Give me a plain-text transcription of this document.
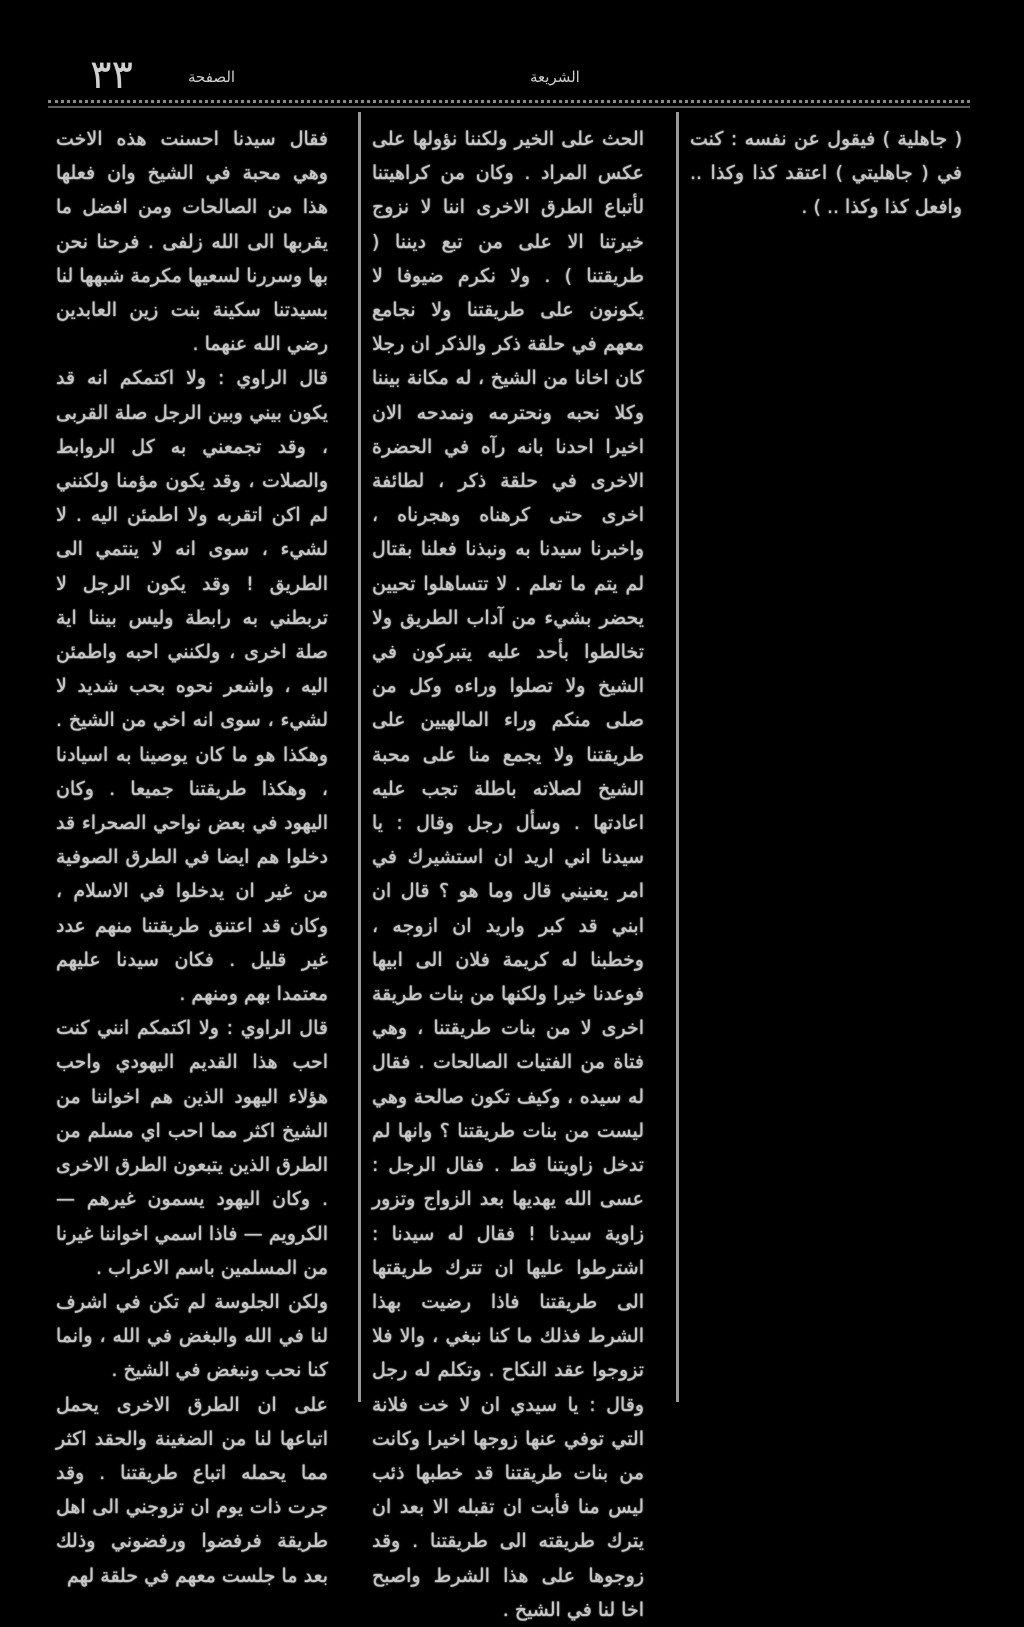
٣٣	الصفحة	الشريعة

( جاهلية ) فيقول عن نفسه : كنت في ( جاهليتي ) اعتقد كذا وكذا .. وافعل كذا وكذا .. ) .

الحث على الخير ولكننا نؤولها على عكس المراد . وكان من كراهيتنا لأتباع الطرق الاخرى اننا لا نزوج خيرتنا الا على من تبع ديننا ( طريقتنا ) . ولا نكرم ضيوفا لا يكونون على طريقتنا ولا نجامع معهم في حلقة ذكر والذكر ان رجلا كان اخانا من الشيخ ، له مكانة بيننا وكلا نحبه ونحترمه ونمدحه الان اخيرا احدنا بانه رآه في الحضرة الاخرى في حلقة ذكر ، لطائفة اخرى حتى كرهناه وهجرناه ، واخبرنا سيدنا به ونبذنا فعلنا بقتال لم يتم ما تعلم . لا تتساهلوا تحيين يحضر بشيء من آداب الطريق ولا تخالطوا بأحد عليه يتبركون في الشيخ ولا تصلوا وراءه وكل من صلى منكم وراء المالهيين على طريقتنا ولا يجمع منا على محبة الشيخ لصلاته باطلة تجب عليه اعادتها . وسأل رجل وقال : يا سيدنا اني اريد ان استشيرك في امر يعنيني قال وما هو ؟ قال ان ابني قد كبر واريد ان ازوجه ، وخطبنا له كريمة فلان الى ابيها فوعدنا خيرا ولكنها من بنات طريقة اخرى لا من بنات طريقتنا ، وهي فتاة من الفتيات الصالحات . فقال له سيده ، وكيف تكون صالحة وهي ليست من بنات طريقتنا ؟ وانها لم تدخل زاويتنا قط . فقال الرجل : عسى الله يهديها بعد الزواج وتزور زاوية سيدنا ! فقال له سيدنا : اشترطوا عليها ان تترك طريقتها الى طريقتنا فاذا رضيت بهذا الشرط فذلك ما كنا نبغي ، والا فلا تزوجوا عقد النكاح . وتكلم له رجل وقال : يا سيدي ان لا خت فلانة التي توفي عنها زوجها اخيرا وكانت من بنات طريقتنا قد خطبها ذئب ليس منا فأبت ان تقبله الا بعد ان يترك طريقته الى طريقتنا . وقد زوجوها على هذا الشرط واصبح اخا لنا في الشيخ .

فقال سيدنا احسنت هذه الاخت وهي محبة في الشيخ وان فعلها هذا من الصالحات ومن افضل ما يقربها الى الله زلفى . فرحنا نحن بها وسررنا لسعيها مكرمة شبهها لنا بسيدتنا سكينة بنت زين العابدين رضي الله عنهما .

قال الراوي : ولا اكتمكم انه قد يكون بيني وبين الرجل صلة القربى ، وقد تجمعني به كل الروابط والصلات ، وقد يكون مؤمنا ولكنني لم اكن اتقربه ولا اطمئن اليه . لا لشيء ، سوى انه لا ينتمي الى الطريق ! وقد يكون الرجل لا تربطني به رابطة وليس بيننا اية صلة اخرى ، ولكنني احبه واطمئن اليه ، واشعر نحوه بحب شديد لا لشيء ، سوى انه اخي من الشيخ . وهكذا هو ما كان يوصينا به اسيادنا ، وهكذا طريقتنا جميعا . وكان اليهود في بعض نواحي الصحراء قد دخلوا هم ايضا في الطرق الصوفية من غير ان يدخلوا في الاسلام ، وكان قد اعتنق طريقتنا منهم عدد غير قليل . فكان سيدنا عليهم معتمدا بهم ومنهم .

قال الراوي : ولا اكتمكم انني كنت احب هذا القديم اليهودي واحب هؤلاء اليهود الذين هم اخواننا من الشيخ اكثر مما احب اي مسلم من الطرق الذين يتبعون الطرق الاخرى . وكان اليهود يسمون غيرهم — الكرويم — فاذا اسمي اخواننا غيرنا من المسلمين باسم الاعراب .

ولكن الجلوسة لم تكن في اشرف لنا في الله والبغض في الله ، وانما كنا نحب ونبغض في الشيخ .

على ان الطرق الاخرى يحمل اتباعها لنا من الضغينة والحقد اكثر مما يحمله اتباع طريقتنا . وقد جرت ذات يوم ان تزوجني الى اهل طريقة فرفضوا ورفضوني وذلك بعد ما جلست معهم في حلقة لهم
